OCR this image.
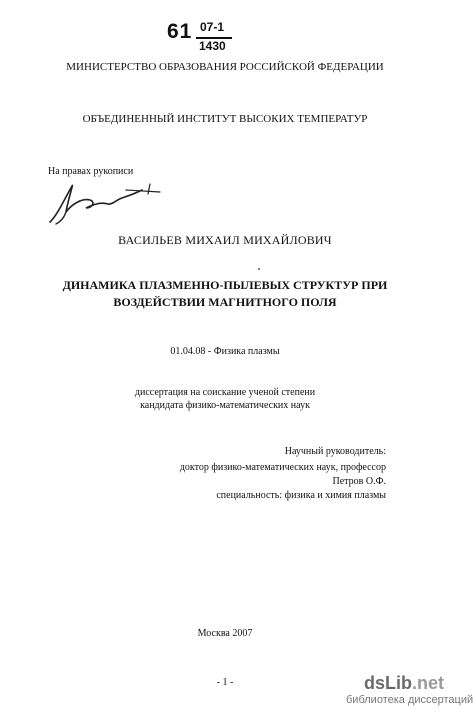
61 07-1
1430
МИНИСТЕРСТВО ОБРАЗОВАНИЯ РОССИЙСКОЙ ФЕДЕРАЦИИ
ОБЪЕДИНЕННЫЙ ИНСТИТУТ ВЫСОКИХ ТЕМПЕРАТУР
На правах рукописи
ВАСИЛЬЕВ МИХАИЛ МИХАЙЛОВИЧ
ДИНАМИКА ПЛАЗМЕННО-ПЫЛЕВЫХ СТРУКТУР ПРИ
ВОЗДЕЙСТВИИ МАГНИТНОГО ПОЛЯ
01.04.08 - Физика плазмы
диссертация на соискание ученой степени
кандидата физико-математических наук
Научный руководитель:
доктор физико-математических наук, профессор
Петров О.Ф.
специальность: физика и химия плазмы
Москва 2007
- 1 -	dsLib.net
библиотека диссертаций
